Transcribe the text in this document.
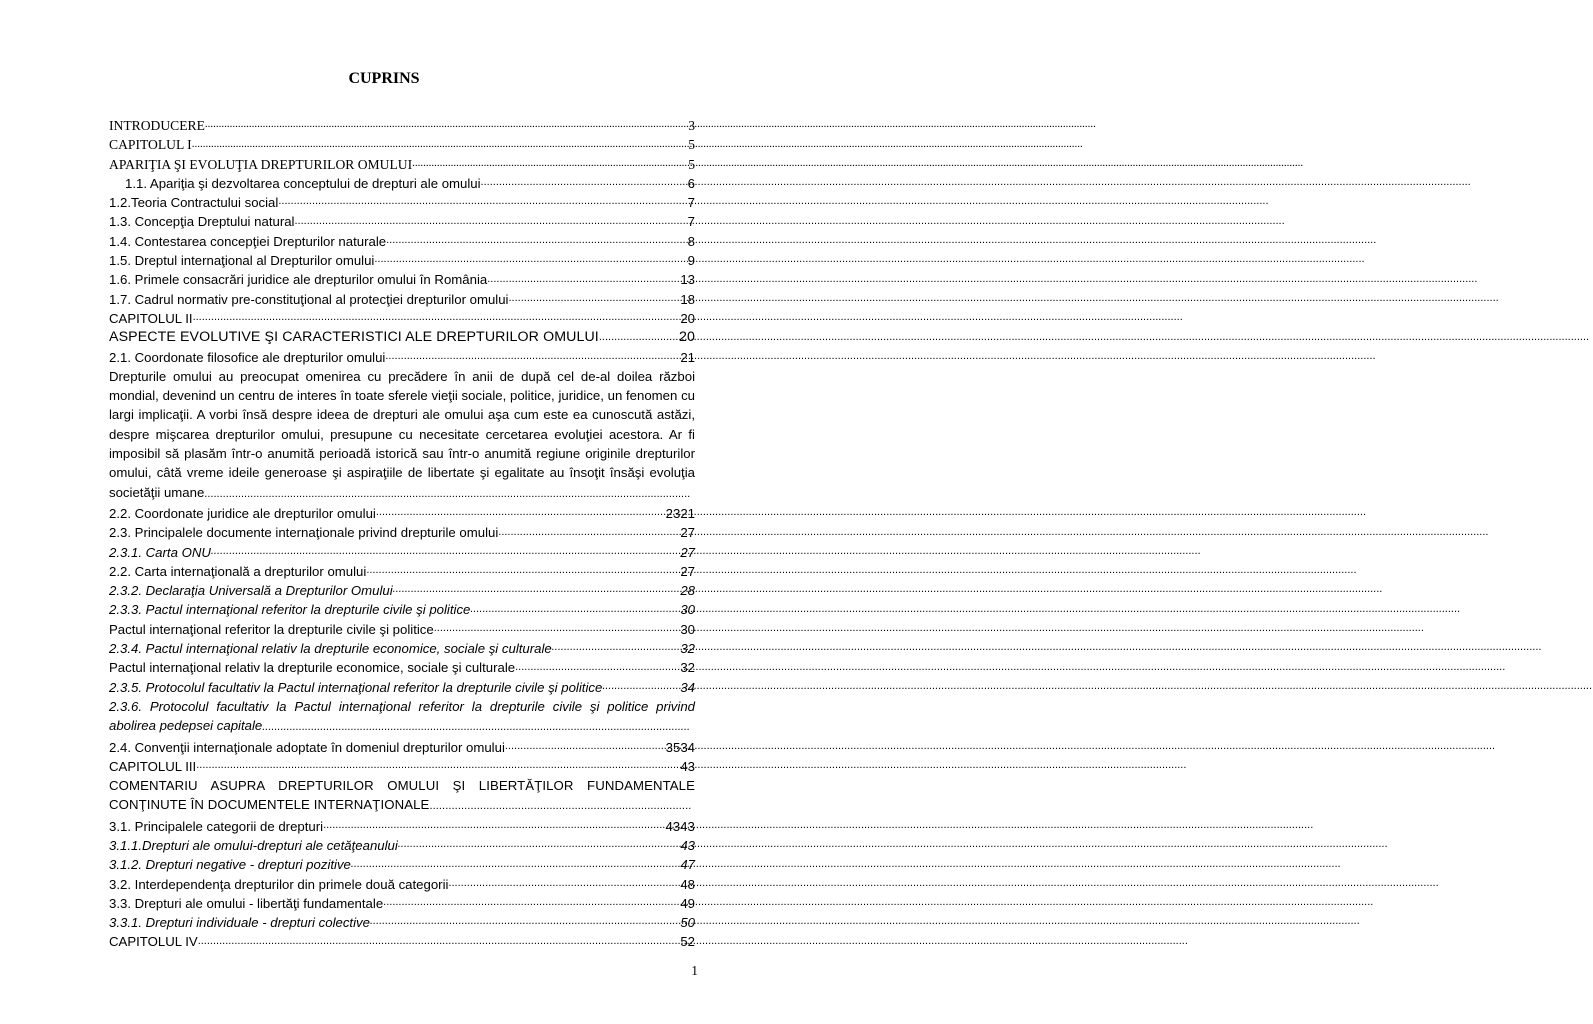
CUPRINS
INTRODUCERE .....	3
CAPITOLUL I .....	5
APARIŢIA ŞI EVOLUŢIA DREPTURILOR OMULUI .....	5
1.1. Apariţia şi dezvoltarea conceptului de drepturi ale omului .....	6
1.2.Teoria Contractului social .....	7
1.3. Concepţia Dreptului natural .....	7
1.4. Contestarea concepţiei Drepturilor naturale .....	8
1.5. Dreptul internaţional al Drepturilor omului .....	9
1.6. Primele consacrări juridice ale drepturilor omului în România .....	13
1.7. Cadrul normativ pre-constituţional al protecţiei drepturilor omului .....	18
CAPITOLUL II .....	20
ASPECTE EVOLUTIVE ŞI CARACTERISTICI ALE DREPTURILOR OMULUI .....	20
2.1. Coordonate filosofice ale drepturilor omului .....	21
Drepturile omului au preocupat omenirea cu precădere în anii de după cel de-al doilea război mondial, devenind un centru de interes în toate sferele vieţii sociale, politice, juridice, un fenomen cu largi implicaţii. A vorbi însă despre ideea de drepturi ale omului aşa cum este ea cunoscută astăzi, despre mişcarea drepturilor omului, presupune cu necesitate cercetarea evoluţiei acestora. Ar fi imposibil să plasăm într-o anumită perioadă istorică sau într-o anumită regiune originile drepturilor omului, câtă vreme ideile generoase şi aspiraţiile de libertate şi egalitate au însoţit însăşi evoluţia societăţii umane...............................................................................................................................................................
21
2.2. Coordonate juridice ale drepturilor omului .....	23
2.3. Principalele documente internaţionale privind drepturile omului .....	27
2.3.1. Carta ONU .....	27
2.2. Carta internaţională a drepturilor omului .....	27
2.3.2. Declaraţia Universală a Drepturilor Omului .....	28
2.3.3. Pactul internaţional referitor la drepturile civile şi politice .....	30
Pactul internaţional referitor la drepturile civile şi politice .....	30
2.3.4. Pactul internaţional relativ la drepturile economice, sociale şi culturale .....	32
Pactul internaţional relativ la drepturile economice, sociale şi culturale .....	32
2.3.5. Protocolul facultativ la Pactul internaţional referitor la drepturile civile şi politice .....	34
2.3.6. Protocolul facultativ la Pactul internaţional referitor la drepturile civile şi politice privind abolirea pedepsei capitale............................................................................................................................................
34
2.4. Convenţii internaţionale adoptate în domeniul drepturilor omului .....	35
CAPITOLUL III .....	43
COMENTARIU ASUPRA DREPTURILOR OMULUI ŞI LIBERTĂŢILOR FUNDAMENTALE CONŢINUTE ÎN DOCUMENTELE INTERNAŢIONALE...................................................................................
43
3.1. Principalele categorii de drepturi .....	43
3.1.1.Drepturi ale omului-drepturi ale cetăţeanului .....	43
3.1.2. Drepturi negative - drepturi pozitive .....	47
3.2. Interdependenţa drepturilor din primele două categorii .....	48
3.3. Drepturi ale omului - libertăţi fundamentale .....	49
3.3.1. Drepturi individuale - drepturi colective .....	50
CAPITOLUL IV .....	52
1
